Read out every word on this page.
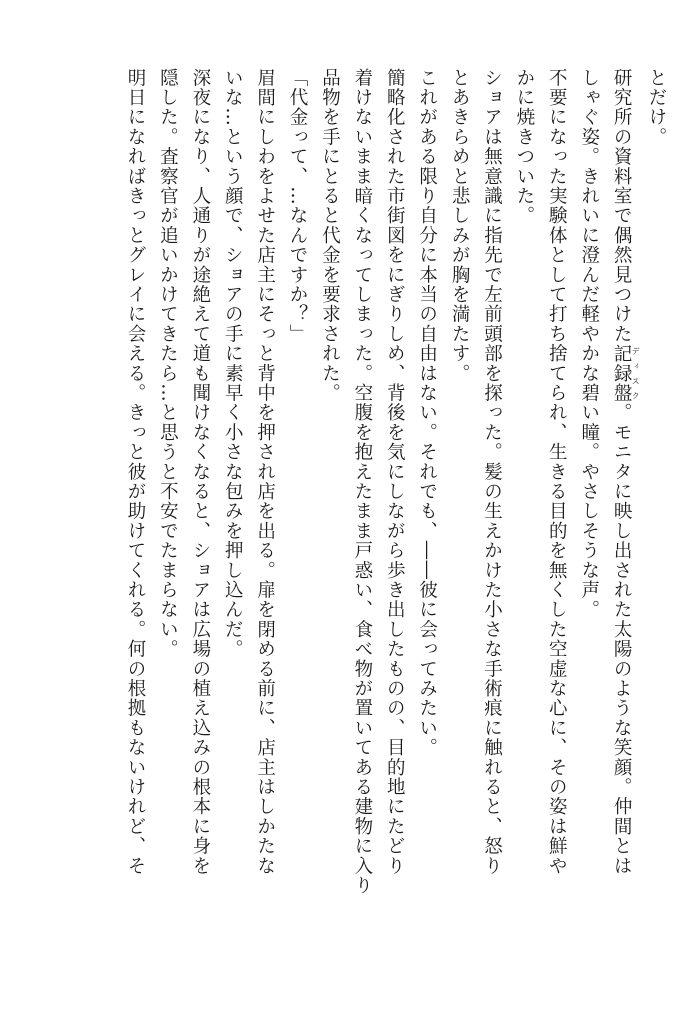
とだけ。
研究所の資料室で偶然見つけた記録盤 ディスク。モニタに映し出された太陽のような笑顔。仲間とは
しゃぐ姿。きれいに澄んだ軽やかな碧い瞳。やさしそうな声。
不要になった実験体として打ち捨てられ、生きる目的を無くした空虚な心に、その姿は鮮や
かに焼きついた。
ショアは無意識に指先で左前頭部を探った。髪の生えかけた小さな手術痕に触れると、怒り
とあきらめと悲しみが胸を満たす。
これがある限り自分に本当の自由はない。それでも、――彼に会ってみたい。
簡略化された市街図をにぎりしめ、背後を気にしながら歩き出したものの、目的地にたどり
着けないまま暗くなってしまった。空腹を抱えたまま戸惑い、食べ物が置いてある建物に入り
品物を手にとると代金を要求された。
「代金って、…なんですか？」
眉間にしわをよせた店主にそっと背中を押され店を出る。扉を閉める前に、店主はしかたな
いな…という顔で、ショアの手に素早く小さな包みを押し込んだ。
深夜になり、人通りが途絶えて道も聞けなくなると、ショアは広場の植え込みの根本に身を
隠した。査察官が追いかけてきたら…と思うと不安でたまらない。
明日になればきっとグレイに会える。きっと彼が助けてくれる。何の根拠もないけれど、そ
